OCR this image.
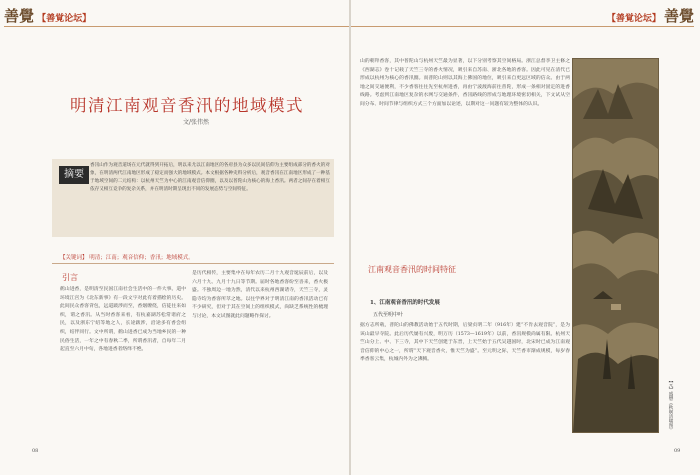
善覺 【善覚论坛】
明清江南观音香汛的地域模式
文/张伟然
摘要
香汛山作为观音道场在元代就得到开拓后，明以来尤以江南地区的各府县为众多以民间信仰为主要组成部分的香火的对象，在明清两代江南地区形成了稳定而强大的地域模式。本文根据各种史料分析后，观音香汛在江南地区形成了一种基于地域空间的二元结构：以杭州天竺为中心的江南观音信仰圈，以及以普陀山为核心的海上香汛。两者之间存在着相互依存又相互竞争的复杂关系，并在明清时期呈现出不同的发展态势与空间特征。
【关键词】 明清；江南；观音信仰；香汛；地域模式。
引言
鹤山进香，是明清至民国江南社会生活中的一件大事。道中环境江宫为《北东新事》有一段文字对此有着描绘的历史。此间民众香客背包，远道跋涉而至，香烟缭绕，信徒往来如织，谓之香汛。从当时香客来看，有杭嘉湖苏松常诸府之民，以及浙东宁绍等地之人，长途跋涉，沿途多有香会组织，结伴同行。文中所谓，鹤山进香已成为当地乡民的一种民俗生活，一年之中有春秋二季，所谓香汛者，自每年二月起直至六月中旬，各地进香者络绎不绝。
是历代相传，主要集中在每年农历二月十九观音诞辰前后，以及六月十九、九月十九日等节期。届时各地香客纷至沓来，香火极盛。不独周边一地为然，清代以来杭州西湖诸寺，天竺三寺，灵隐寺均为香客所萃之地。以往学界对于明清江南的香汛活动已有不少研究，但对于其在空间上的组织模式，尚缺乏系统性的梳理与讨论，本文试图就此问题略作探讨。
08
【善覚论坛】 善覺
山的朝拜香客，其中普陀山与杭州天竺最为显著，以下分别考察其空间格局。浙江总督李卫主修之《西湖志》卷十记载了天竺三寺的香火情况，吸引来自苏南、浙北各地的香客。因此可见在清代已形成以杭州为核心的香汛圈。而普陀山则以其海上佛国的地位，吸引来自更远区域的信众。由于两地之间交通便利，不少香客往往先至杭州进香，再由宁波渡海前往普陀，形成一条相对固定的进香线路。考虑到江南地区复杂的水网与交通条件，香汛路线的形成与地理环境密切相关，下文试从空间分布、时间节律与组织方式三个方面加以论述，以期对这一问题有较为整体的认识。
江南观音香汛的时间特征
1、江南观音香汛的时代发展
五代至明中叶
据方志所载，普陀山的佛教活动始于五代时期，后梁贞明二年（916年）建“不肯去观音院”，是为该山最早寺院。此后历代屡有兴废，明万历（1573—1619年）以前，香汛规模尚属有限。杭州天竺山分上、中、下三寺，其中下天竺创建于东晋，上天竺始于五代吴越国时，北宋时已成为江南观音信仰的中心之一，所谓“天下观音香火，惟天竺为盛”。至元明之际，天竺香市渐成规模，每岁春季香客云集，杭城内外为之沸腾。
【元】盛懋《秋舸清啸图》
09
